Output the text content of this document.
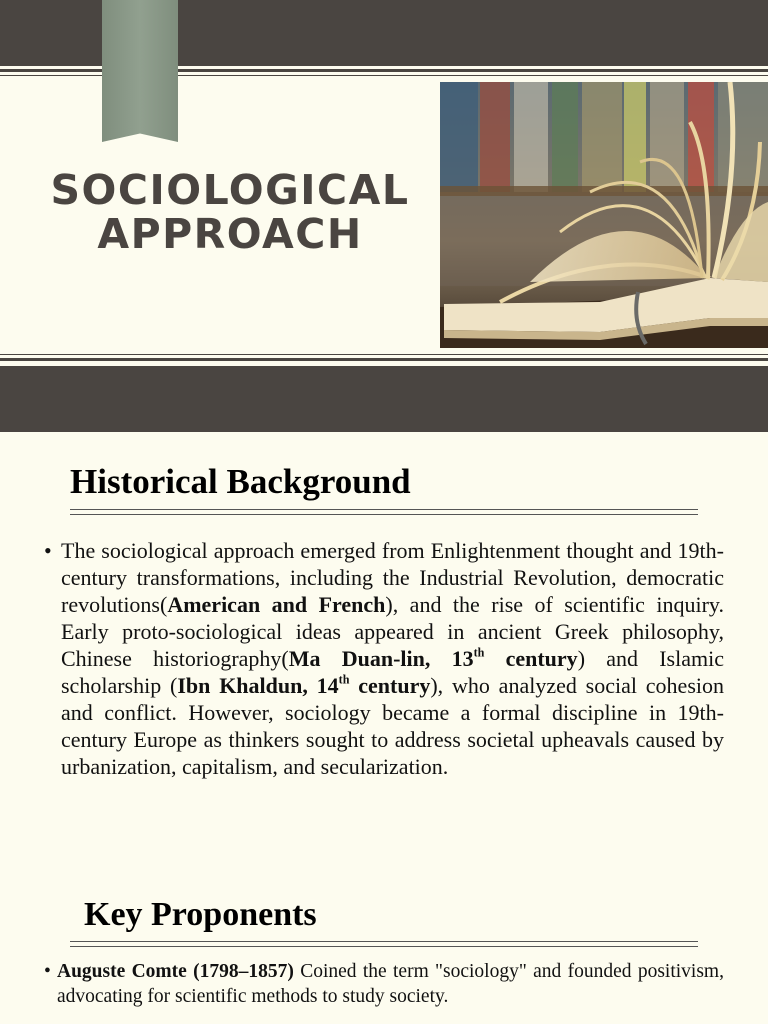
SOCIOLOGICAL
APPROACH
Historical Background
• The sociological approach emerged from Enlightenment thought and 19th-century transformations, including the Industrial Revolution, democratic revolutions(American and French), and the rise of scientific inquiry. Early proto-sociological ideas appeared in ancient Greek philosophy, Chinese historiography(Ma Duan-lin, 13th century) and Islamic scholarship (Ibn Khaldun, 14th century), who analyzed social cohesion and conflict. However, sociology became a formal discipline in 19th-century Europe as thinkers sought to address societal upheavals caused by urbanization, capitalism, and secularization.
Key Proponents
• Auguste Comte (1798–1857) Coined the term "sociology" and founded positivism, advocating for scientific methods to study society.
